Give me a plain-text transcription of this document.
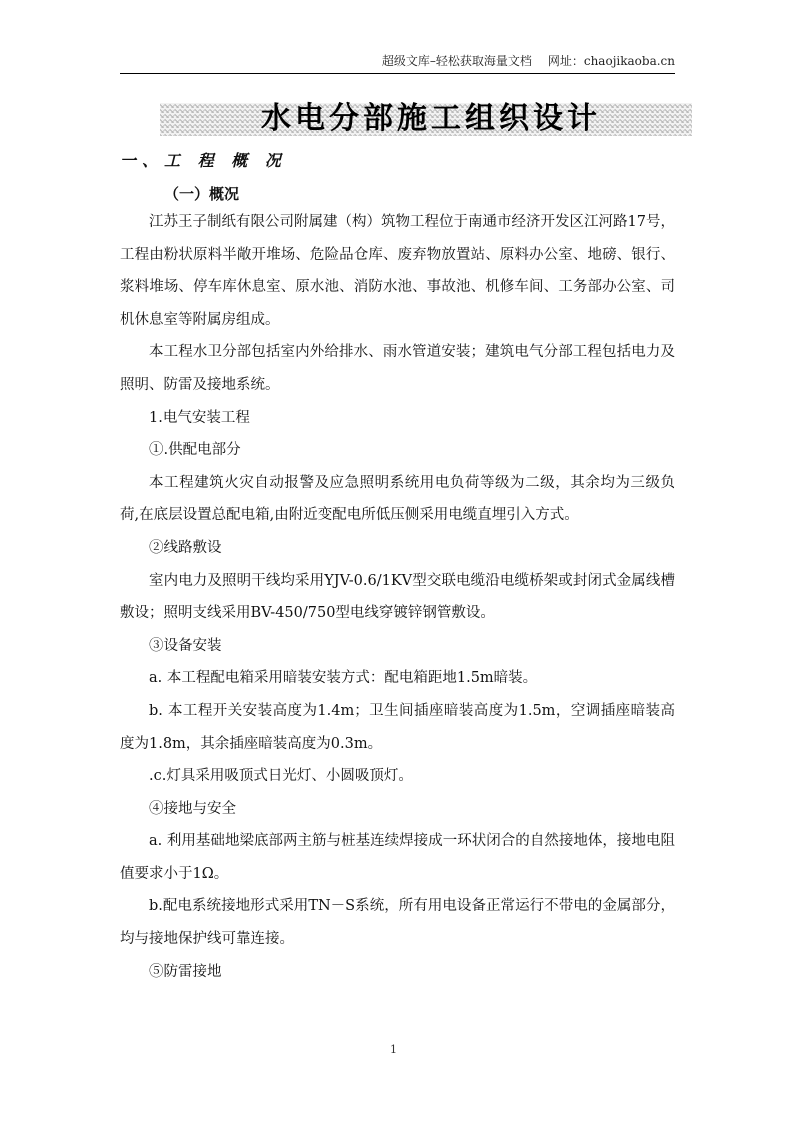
超级文库–轻松获取海量文档 网址：chaojikaoba.cn
水电分部施工组织设计
一、工 程 概 况
（一）概况

江苏王子制纸有限公司附属建（构）筑物工程位于南通市经济开发区江河路17号，工程由粉状原料半敞开堆场、危险品仓库、废弃物放置站、原料办公室、地磅、银行、浆料堆场、停车库休息室、原水池、消防水池、事故池、机修车间、工务部办公室、司机休息室等附属房组成。

本工程水卫分部包括室内外给排水、雨水管道安装；建筑电气分部工程包括电力及照明、防雷及接地系统。

1.电气安装工程

①.供配电部分

本工程建筑火灾自动报警及应急照明系统用电负荷等级为二级，其余均为三级负荷,在底层设置总配电箱,由附近变配电所低压侧采用电缆直埋引入方式。

②线路敷设

室内电力及照明干线均采用YJV-0.6/1KV型交联电缆沿电缆桥架或封闭式金属线槽敷设；照明支线采用BV-450/750型电线穿镀锌钢管敷设。

③设备安装

a. 本工程配电箱采用暗装安装方式：配电箱距地1.5m暗装。

b. 本工程开关安装高度为1.4m；卫生间插座暗装高度为1.5m，空调插座暗装高度为1.8m，其余插座暗装高度为0.3m。

.c.灯具采用吸顶式日光灯、小圆吸顶灯。

④接地与安全

a. 利用基础地梁底部两主筋与桩基连续焊接成一环状闭合的自然接地体，接地电阻值要求小于1Ω。

b.配电系统接地形式采用TN－S系统，所有用电设备正常运行不带电的金属部分，均与接地保护线可靠连接。

⑤防雷接地

1
